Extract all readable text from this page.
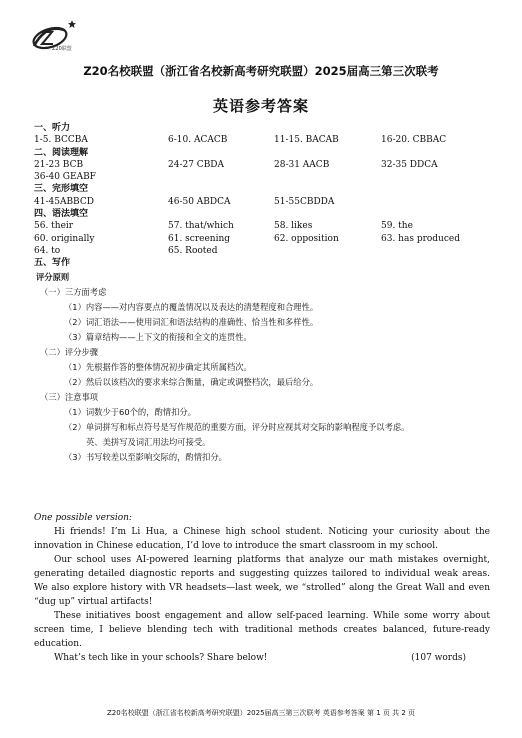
Z20联盟
Z20名校联盟（浙江省名校新高考研究联盟）2025届高三第三次联考
英语参考答案
一、听力
1-5. BCCBA	6-10. ACACB	11-15. BACAB	16-20. CBBAC
二、阅读理解
21-23 BCB	24-27 CBDA	28-31 AACB	32-35 DDCA
36-40 GEABF
三、完形填空
41-45ABBCD	46-50 ABDCA	51-55CBDDA
四、语法填空
56. their	57. that/which	58. likes	59. the
60. originally	61. screening	62. opposition	63. has produced
64. to	65. Rooted
五、写作
评分原则
（一）三方面考虑
（1）内容——对内容要点的覆盖情况以及表达的清楚程度和合理性。
（2）词汇语法——使用词汇和语法结构的准确性、恰当性和多样性。
（3）篇章结构——上下文的衔接和全文的连贯性。
（二）评分步骤
（1）先根据作答的整体情况初步确定其所属档次。
（2）然后以该档次的要求来综合衡量，确定或调整档次，最后给分。
（三）注意事项
（1）词数少于60个的，酌情扣分。
（2）单词拼写和标点符号是写作规范的重要方面，评分时应视其对交际的影响程度予以考虑。
英、美拼写及词汇用法均可接受。
（3）书写较差以至影响交际的，酌情扣分。
One possible version:

Hi friends! I’m Li Hua, a Chinese high school student. Noticing your curiosity about the innovation in Chinese education, I’d love to introduce the smart classroom in my school.

Our school uses AI-powered learning platforms that analyze our math mistakes overnight, generating detailed diagnostic reports and suggesting quizzes tailored to individual weak areas. We also explore history with VR headsets—last week, we “strolled” along the Great Wall and even “dug up” virtual artifacts!

These initiatives boost engagement and allow self-paced learning. While some worry about screen time, I believe blending tech with traditional methods creates balanced, future-ready education.

What’s tech like in your schools? Share below!	(107 words)

Z20名校联盟（浙江省名校新高考研究联盟）2025届高三第三次联考 英语参考答案 第 1 页 共 2 页
